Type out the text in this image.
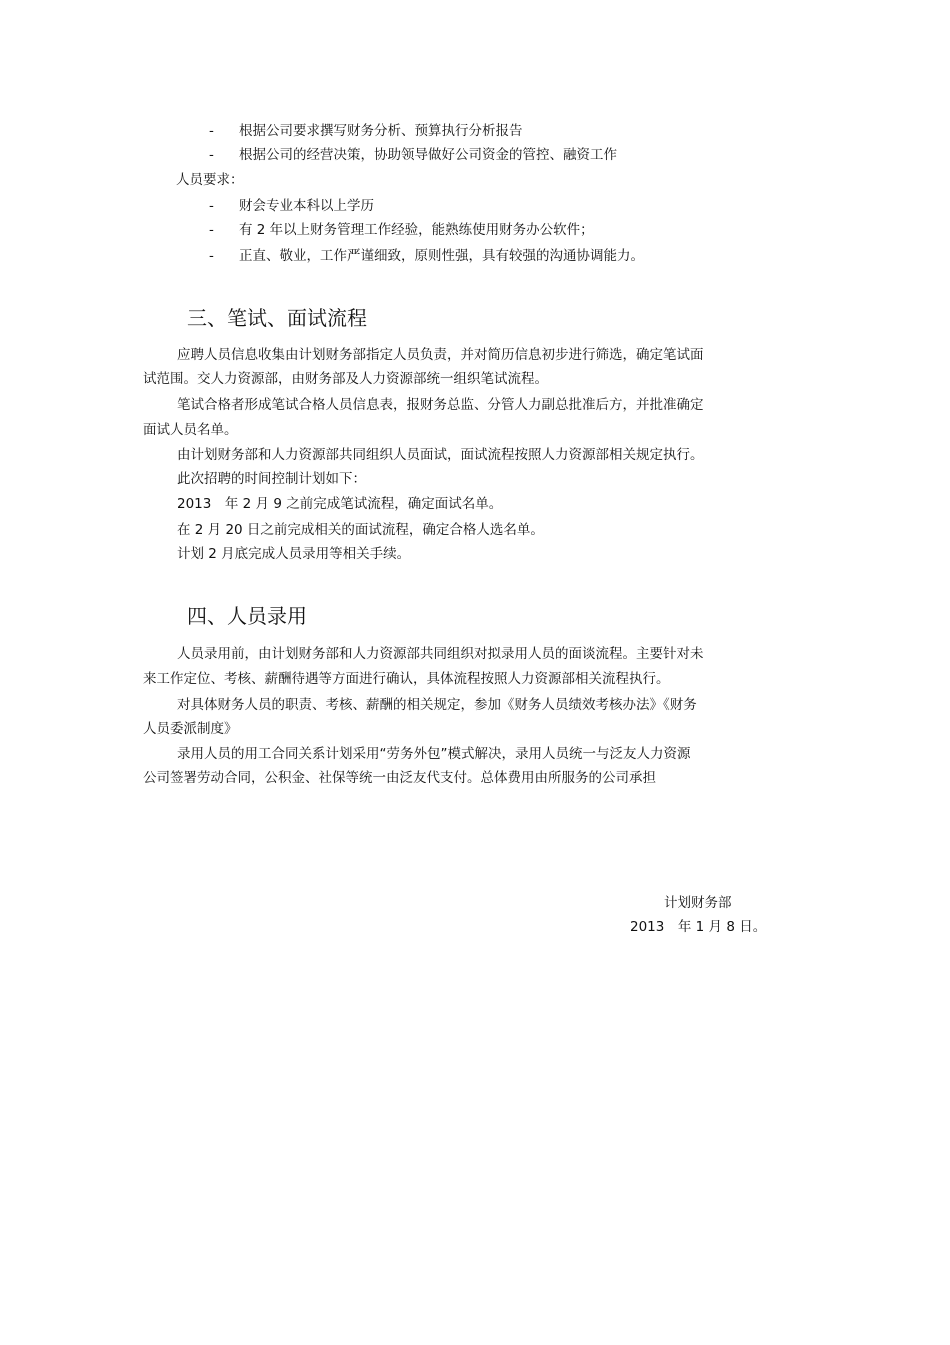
- 根据公司要求撰写财务分析、预算执行分析报告
- 根据公司的经营决策，协助领导做好公司资金的管控、融资工作
人员要求：
- 财会专业本科以上学历
- 有 2 年以上财务管理工作经验，能熟练使用财务办公软件；
- 正直、敬业，工作严谨细致，原则性强，具有较强的沟通协调能力。
三、笔试、面试流程
应聘人员信息收集由计划财务部指定人员负责，并对简历信息初步进行筛选，确定笔试面
试范围。交人力资源部，由财务部及人力资源部统一组织笔试流程。
笔试合格者形成笔试合格人员信息表，报财务总监、分管人力副总批准后方，并批准确定
面试人员名单。
由计划财务部和人力资源部共同组织人员面试，面试流程按照人力资源部相关规定执行。
此次招聘的时间控制计划如下：
2013　年 2 月 9 之前完成笔试流程，确定面试名单。
在 2 月 20 日之前完成相关的面试流程，确定合格人选名单。
计划 2 月底完成人员录用等相关手续。
四、人员录用
人员录用前，由计划财务部和人力资源部共同组织对拟录用人员的面谈流程。主要针对未
来工作定位、考核、薪酬待遇等方面进行确认，具体流程按照人力资源部相关流程执行。
对具体财务人员的职责、考核、薪酬的相关规定，参加《财务人员绩效考核办法》《财务
人员委派制度》
录用人员的用工合同关系计划采用“劳务外包”模式解决，录用人员统一与泛友人力资源
公司签署劳动合同，公积金、社保等统一由泛友代支付。总体费用由所服务的公司承担
计划财务部
2013　年 1 月 8 日。
